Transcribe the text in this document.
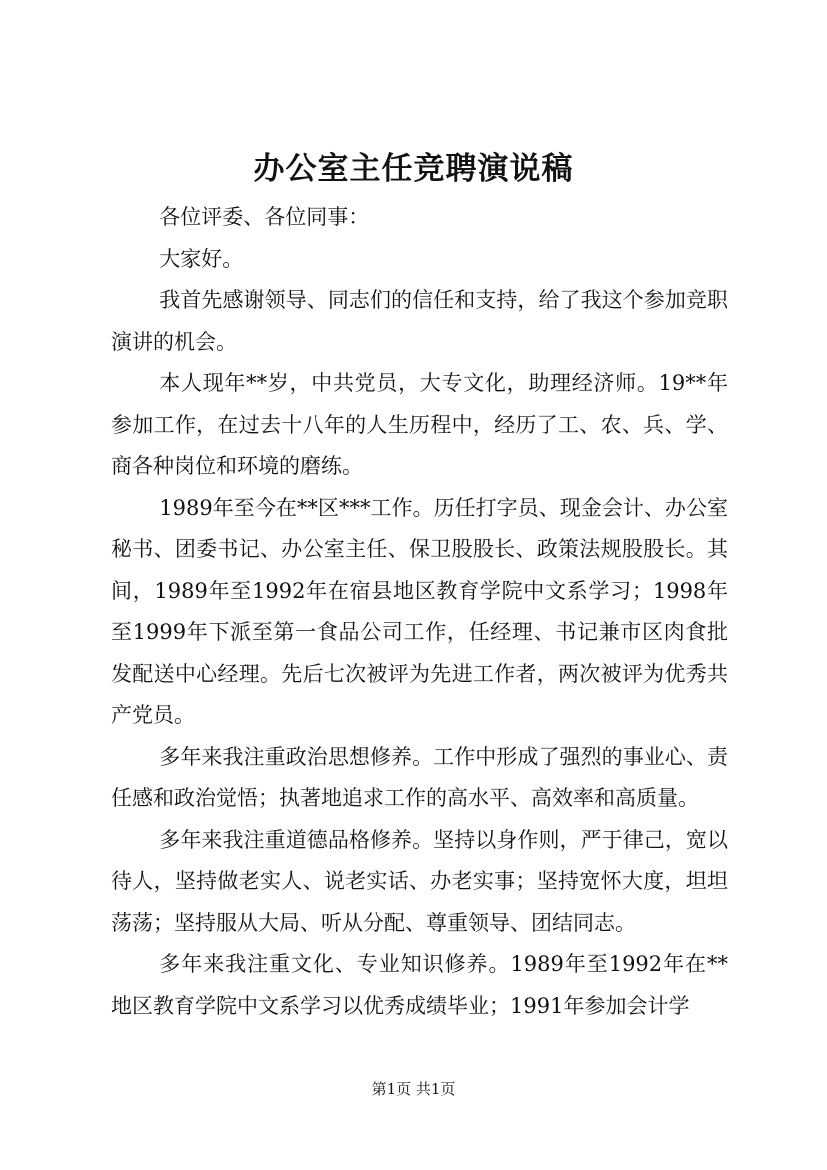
办公室主任竞聘演说稿

各位评委、各位同事：

大家好。

我首先感谢领导、同志们的信任和支持，给了我这个参加竞职演讲的机会。

本人现年**岁，中共党员，大专文化，助理经济师。19**年参加工作，在过去十八年的人生历程中，经历了工、农、兵、学、商各种岗位和环境的磨练。

1989年至今在**区***工作。历任打字员、现金会计、办公室秘书、团委书记、办公室主任、保卫股股长、政策法规股股长。其间，1989年至1992年在宿县地区教育学院中文系学习；1998年至1999年下派至第一食品公司工作，任经理、书记兼市区肉食批发配送中心经理。先后七次被评为先进工作者，两次被评为优秀共产党员。

多年来我注重政治思想修养。工作中形成了强烈的事业心、责任感和政治觉悟；执著地追求工作的高水平、高效率和高质量。

多年来我注重道德品格修养。坚持以身作则，严于律己，宽以待人，坚持做老实人、说老实话、办老实事；坚持宽怀大度，坦坦荡荡；坚持服从大局、听从分配、尊重领导、团结同志。

多年来我注重文化、专业知识修养。1989年至1992年在**地区教育学院中文系学习以优秀成绩毕业；1991年参加会计学

第1页 共1页
